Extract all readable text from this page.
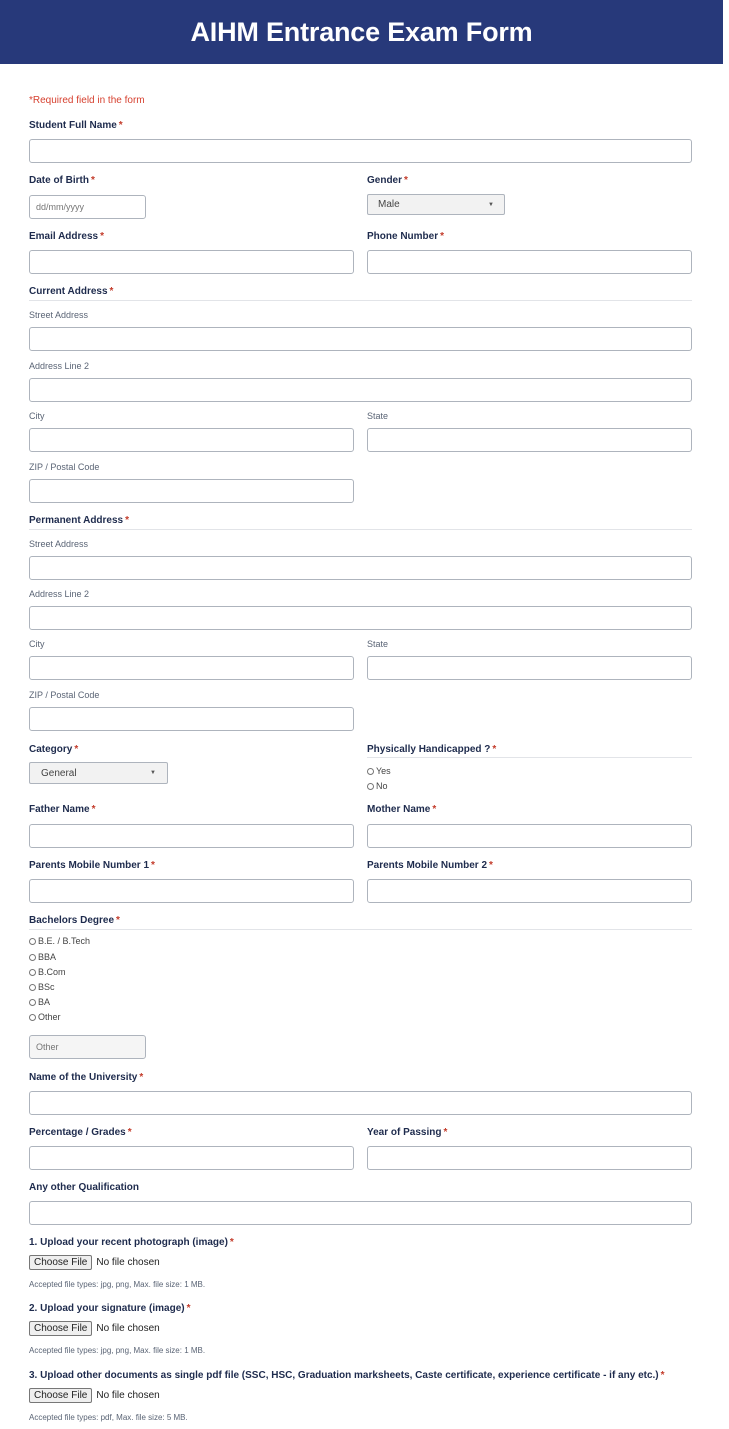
AIHM Entrance Exam Form
*Required field in the form
Student Full Name *
Date of Birth *
dd/mm/yyyy	Gender *
Male	▼
Email Address *	Phone Number *
Current Address *
Street Address
Address Line 2
City	State
ZIP / Postal Code
Permanent Address *
Street Address
Address Line 2
City	State
ZIP / Postal Code
Category *
General	▼
Physically Handicapped ? *
Yes
No
Father Name *	Mother Name *
Parents Mobile Number 1 *	Parents Mobile Number 2 *
Bachelors Degree *
B.E. / B.Tech
BBA
B.Com
BSc
BA
Other
Other
Name of the University *
Percentage / Grades *	Year of Passing *
Any other Qualification
1. Upload your recent photograph (image) *
Choose File No file chosen
Accepted file types: jpg, png, Max. file size: 1 MB.
2. Upload your signature (image) *
Choose File No file chosen
Accepted file types: jpg, png, Max. file size: 1 MB.
3. Upload other documents as single pdf file (SSC, HSC, Graduation marksheets, Caste certificate, experience certificate - if any etc.) *
Choose File No file chosen
Accepted file types: pdf, Max. file size: 5 MB.
